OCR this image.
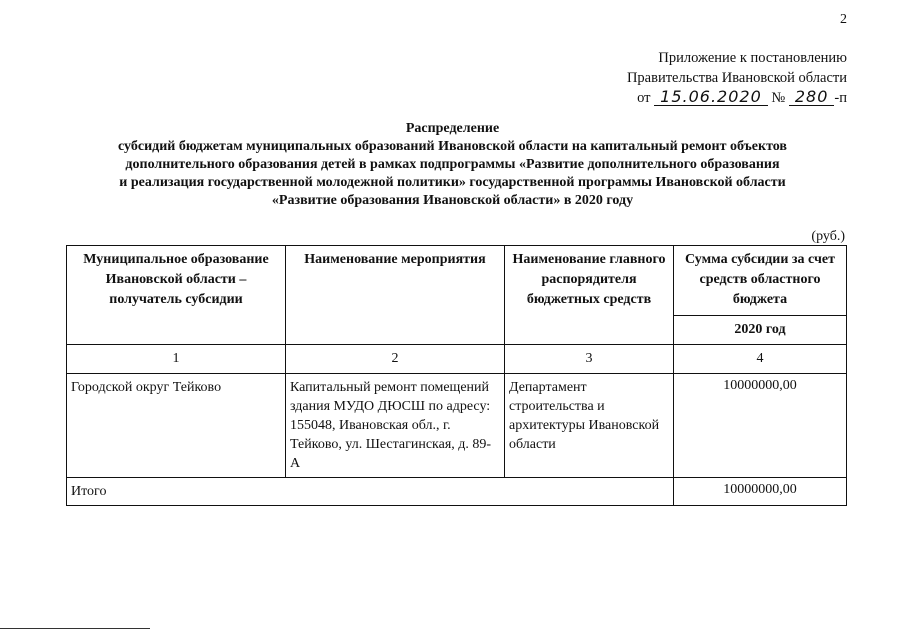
2
Приложение к постановлению
Правительства Ивановской области
от 15.06.2020 № 280 -п
Распределение
субсидий бюджетам муниципальных образований Ивановской области на капитальный ремонт объектов
дополнительного образования детей в рамках подпрограммы «Развитие дополнительного образования
и реализация государственной молодежной политики» государственной программы Ивановской области
«Развитие образования Ивановской области» в 2020 году
(руб.)
Муниципальное образование Ивановской области – получатель субсидии	Наименование мероприятия	Наименование главного распорядителя бюджетных средств	Сумма субсидии за счет средств областного бюджета
			2020 год
1	2	3	4
Городской округ Тейково	Капитальный ремонт помещений здания МУДО ДЮСШ по адресу: 155048, Ивановская обл., г. Тейково, ул. Шестагинская, д. 89-А	Департамент строительства и архитектуры Ивановской области	10000000,00
Итого			10000000,00
